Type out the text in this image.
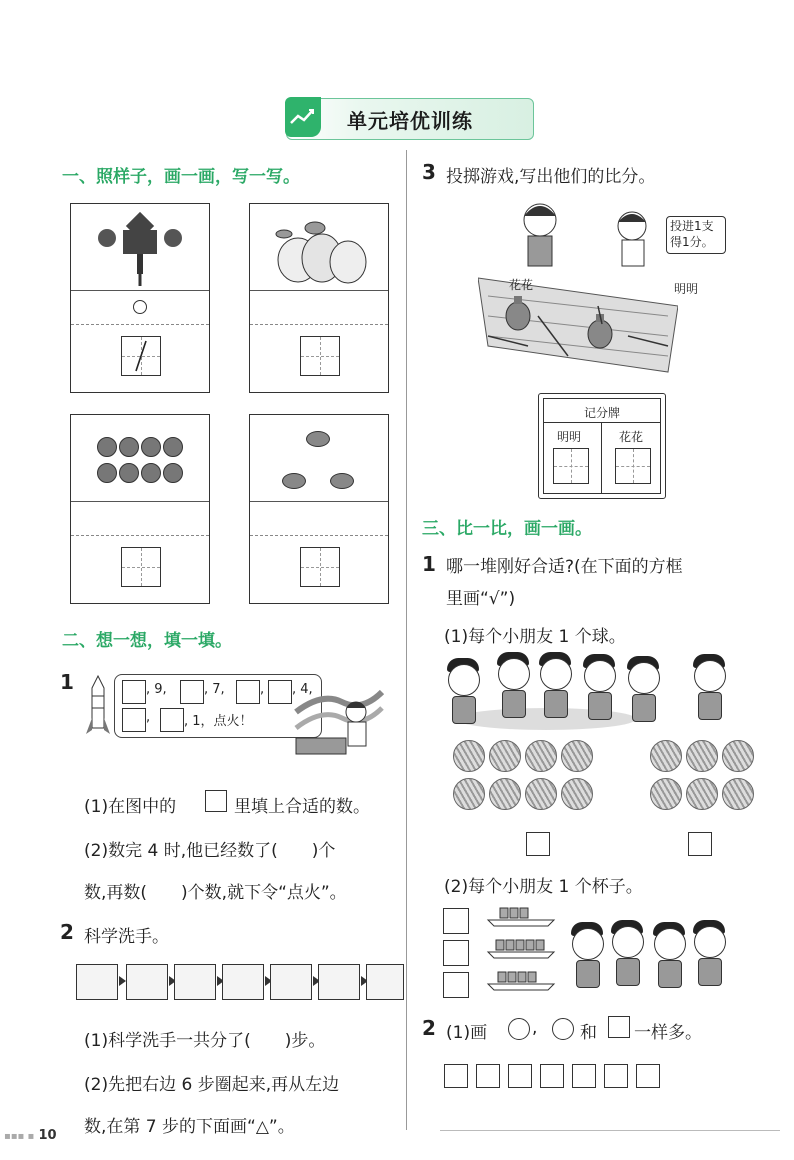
单元培优训练
一、照样子，画一画，写一写。
二、想一想，填一填。
1	, 9,	, 7,	, , 4,
,	, 1，点火！
(1)在图中的	里填上合适的数。
(2)数完 4 时,他已经数了(　　)个
数,再数(　　)个数,就下令“点火”。
2 科学洗手。
(1)科学洗手一共分了(　　)步。
(2)先把右边 6 步圈起来,再从左边
数,在第 7 步的下面画“△”。
3 投掷游戏,写出他们的比分。
投进1支得1分。
花花	明明
记分牌
明明	花花
三、比一比，画一画。
1 哪一堆刚好合适?(在下面的方框
里画“√”)
(1)每个小朋友 1 个球。
(2)每个小朋友 1 个杯子。
2 (1)画	,	和 一样多。
▪▪▪ ▪ 10
